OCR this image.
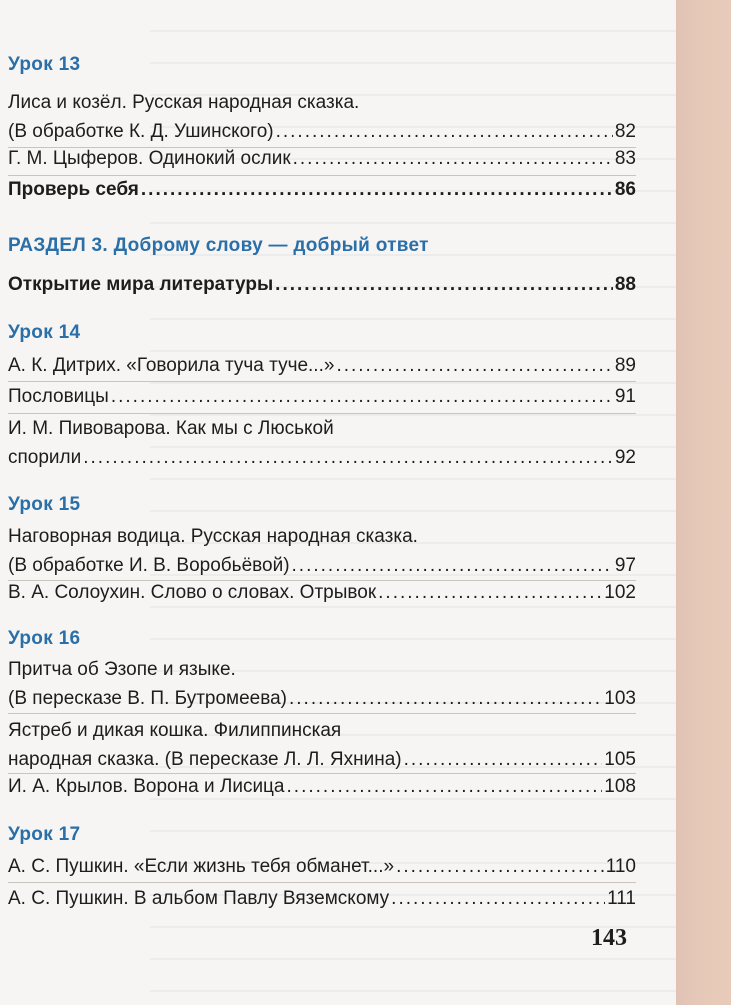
Урок 13
Лиса и козёл. Русская народная сказка.
(В обработке К. Д. Ушинского) .....	82
Г. М. Цыферов. Одинокий ослик .....	83
Проверь себя .....	86
РАЗДЕЛ 3. Доброму слову — добрый ответ
Открытие мира литературы .....	88
Урок 14
А. К. Дитрих. «Говорила туча туче...» .....	89
Пословицы .....	91
И. М. Пивоварова. Как мы с Люськой
спорили .....	92
Урок 15
Наговорная водица. Русская народная сказка.
(В обработке И. В. Воробьёвой) .....	97
В. А. Солоухин. Слово о словах. Отрывок .....	102
Урок 16
Притча об Эзопе и языке.
(В пересказе В. П. Бутромеева) .....	103
Ястреб и дикая кошка. Филиппинская
народная сказка. (В пересказе Л. Л. Яхнина) .....	105
И. А. Крылов. Ворона и Лисица .....	108
Урок 17
А. С. Пушкин. «Если жизнь тебя обманет...» .....	110
А. С. Пушкин. В альбом Павлу Вяземскому .....	111
143
